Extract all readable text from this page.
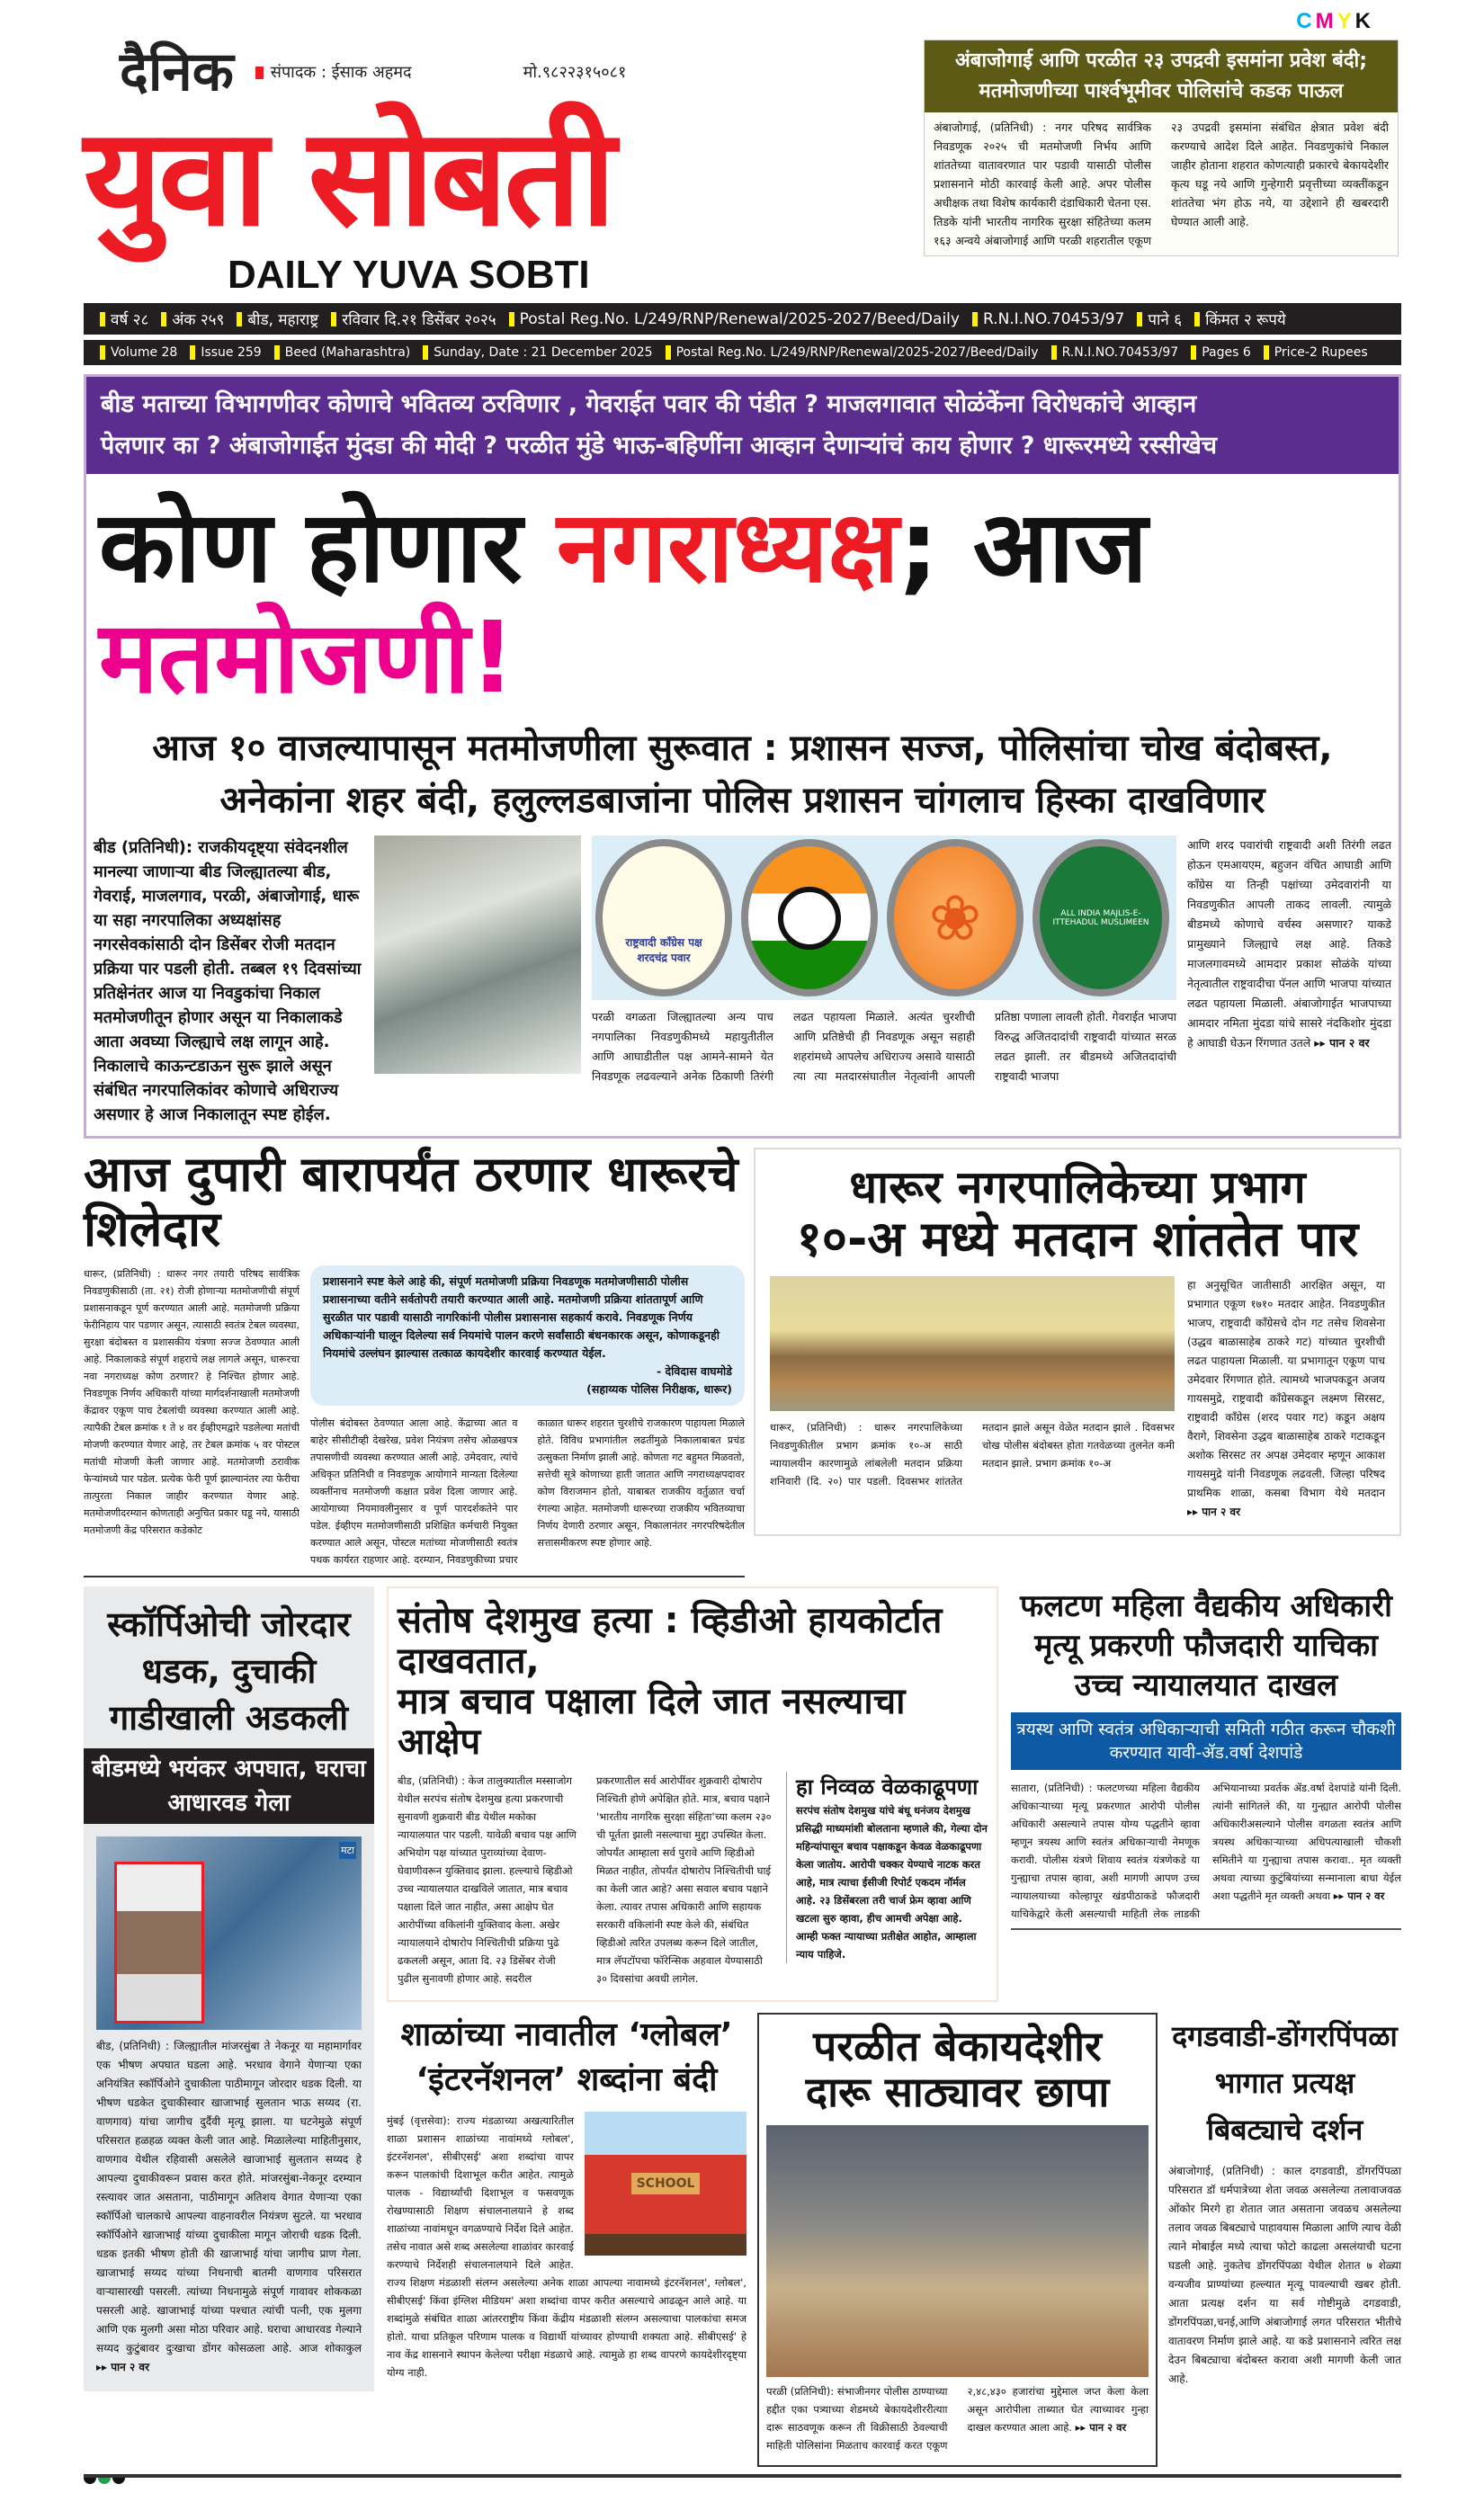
CMYK
दैनिक	संपादक : ईसाक अहमद	मो.९८२२३१५०८१
युवा सोबती
DAILY YUVA SOBTI
अंबाजोगाई आणि परळीत २३ उपद्रवी इसमांना प्रवेश बंदी; मतमोजणीच्या पार्श्वभूमीवर पोलिसांचे कडक पाऊल
अंबाजोगाई, (प्रतिनिधी) : नगर परिषद सार्वत्रिक निवडणूक २०२५ ची मतमोजणी निर्भय आणि शांततेच्या वातावरणात पार पडावी यासाठी पोलीस प्रशासनाने मोठी कारवाई केली आहे. अपर पोलीस अधीक्षक तथा विशेष कार्यकारी दंडाधिकारी चेतना एस. तिडके यांनी भारतीय नागरिक सुरक्षा संहितेच्या कलम १६३ अन्वये अंबाजोगाई आणि परळी शहरातील एकूण २३ उपद्रवी इसमांना संबंधित क्षेत्रात प्रवेश बंदी करण्याचे आदेश दिले आहेत. निवडणुकांचे निकाल जाहीर होताना शहरात कोणत्याही प्रकारचे बेकायदेशीर कृत्य घडू नये आणि गुन्हेगारी प्रवृत्तीच्या व्यक्तींकडून शांततेचा भंग होऊ नये, या उद्देशाने ही खबरदारी घेण्यात आली आहे.
वर्ष २८ अंक २५९ बीड, महाराष्ट्र रविवार दि.२१ डिसेंबर २०२५ Postal Reg.No. L/249/RNP/Renewal/2025-2027/Beed/Daily R.N.I.NO.70453/97 पाने ६ किंमत २ रूपये
Volume 28 Issue 259 Beed (Maharashtra) Sunday, Date : 21 December 2025 Postal Reg.No. L/249/RNP/Renewal/2025-2027/Beed/Daily R.N.I.NO.70453/97 Pages 6 Price-2 Rupees
बीड मताच्या विभागणीवर कोणाचे भवितव्य ठरविणार , गेवराईत पवार की पंडीत ? माजलगावात सोळंकेंना विरोधकांचे आव्हान
पेलणार का ? अंबाजोगाईत मुंदडा की मोदी ? परळीत मुंडे भाऊ-बहिणींना आव्हान देणाऱ्यांचं काय होणार ? धारूरमध्ये रस्सीखेच
कोण होणार नगराध्यक्ष; आज मतमोजणी!
आज १० वाजल्यापासून मतमोजणीला सुरूवात : प्रशासन सज्ज, पोलिसांचा चोख बंदोबस्त,
अनेकांना शहर बंदी, हलुल्लडबाजांना पोलिस प्रशासन चांगलाच हिस्का दाखविणार
बीड (प्रतिनिधी): राजकीयदृष्ट्या संवेदनशील मानल्या जाणाऱ्या बीड जिल्ह्यातल्या बीड, गेवराई, माजलगाव, परळी, अंबाजोगाई, धारू या सहा नगरपालिका अध्यक्षांसह नगरसेवकांसाठी दोन डिसेंबर रोजी मतदान प्रक्रिया पार पडली होती. तब्बल १९ दिवसांच्या प्रतिक्षेनंतर आज या निवडुकांचा निकाल मतमोजणीतून होणार असून या निकालाकडे आता अवघ्या जिल्ह्याचे लक्ष लागून आहे. निकालाचे काऊन्टडाऊन सुरू झाले असून संबंधित नगरपालिकांवर कोणाचे अधिराज्य असणार हे आज निकालातून स्पष्ट होईल.
राष्ट्रवादी काँग्रेस पक्ष शरदचंद्र पवार
❀	ALL INDIA MAJLIS-E-ITTEHADUL MUSLIMEEN
परळी वगळता जिल्ह्यातल्या अन्य पाच नगपालिका निवडणुकीमध्ये महायुतीतील आणि आघाडीतील पक्ष आमने-सामने येत निवडणूक लढवल्याने अनेक ठिकाणी तिरंगी लढत पहायला मिळाले. अत्यंत चुरशीची आणि प्रतिष्ठेची ही निवडणूक असून सहाही शहरांमध्ये आपलेच अधिराज्य असावे यासाठी त्या त्या मतदारसंघातील नेतृत्वांनी आपली प्रतिष्ठा पणाला लावली होती. गेवराईत भाजपा विरुद्ध अजितदादांची राष्ट्रवादी यांच्यात सरळ लढत झाली. तर बीडमध्ये अजितदादांची राष्ट्रवादी भाजपा
आणि शरद पवारांची राष्ट्रवादी अशी तिरंगी लढत होऊन एमआयएम, बहुजन वंचित आघाडी आणि काँग्रेस या तिन्ही पक्षांच्या उमेदवारांनी या निवडणुकीत आपली ताकद लावली. त्यामुळे बीडमध्ये कोणाचे वर्चस्व असणार? याकडे प्रामुख्याने जिल्ह्याचे लक्ष आहे. तिकडे माजलगावमध्ये आमदार प्रकाश सोळंके यांच्या नेतृत्वातील राष्ट्रवादीचा पॅनल आणि भाजपा यांच्यात लढत पहायला मिळाली. अंबाजोगाईत भाजपाच्या आमदार नमिता मुंदडा यांचे सासरे नंदकिशोर मुंदडा हे आघाडी घेऊन रिंगणात उतले ▸▸ पान २ वर
आज दुपारी बारापर्यंत ठरणार धारूरचे शिलेदार
धारूर, (प्रतिनिधी) : धारूर नगर तयारी परिषद सार्वत्रिक निवडणुकीसाठी (ता. २१) रोजी होणाऱ्या मतमोजणीची संपूर्ण प्रशासनाकडून पूर्ण करण्यात आली आहे. मतमोजणी प्रक्रिया फेरीनिहाय पार पडणार असून, त्यासाठी स्वतंत्र टेबल व्यवस्था, सुरक्षा बंदोबस्त व प्रशासकीय यंत्रणा सज्ज ठेवण्यात आली आहे. निकालाकडे संपूर्ण शहराचे लक्ष लागले असून, धारूरचा नवा नगराध्यक्ष कोण ठरणार? हे निश्चित होणार आहे. निवडणूक निर्णय अधिकारी यांच्या मार्गदर्शनाखाली मतमोजणी केंद्रावर एकूण पाच टेबलांची व्यवस्था करण्यात आली आहे. त्यापैकी टेबल क्रमांक १ ते ४ वर ईव्हीएमद्वारे पडलेल्या मतांची मोजणी करण्यात येणार आहे, तर टेबल क्रमांक ५ वर पोस्टल मतांची मोजणी केली जाणार आहे. मतमोजणी ठरावीक फेऱ्यांमध्ये पार पडेल. प्रत्येक फेरी पूर्ण झाल्यानंतर त्या फेरीचा तात्पुरता निकाल जाहीर करण्यात येणार आहे. मतमोजणीदरम्यान कोणताही अनुचित प्रकार घडू नये, यासाठी मतमोजणी केंद्र परिसरात कडेकोट
प्रशासनाने स्पष्ट केले आहे की, संपूर्ण मतमोजणी प्रक्रिया निवडणूक मतमोजणीसाठी पोलीस प्रशासनाच्या वतीने सर्वतोपरी तयारी करण्यात आली आहे. मतमोजणी प्रक्रिया शांततापूर्ण आणि सुरळीत पार पडावी यासाठी नागरिकांनी पोलीस प्रशासनास सहकार्य करावे. निवडणूक निर्णय अधिकाऱ्यांनी घालून दिलेल्या सर्व नियमांचे पालन करणे सर्वांसाठी बंधनकारक असून, कोणाकडूनही नियमांचे उल्लंघन झाल्यास तत्काळ कायदेशीर कारवाई करण्यात येईल.
- देविदास वाघमोडे
(सहाय्यक पोलिस निरीक्षक, धारूर)
पोलीस बंदोबस्त ठेवण्यात आला आहे. केंद्राच्या आत व बाहेर सीसीटीव्ही देखरेख, प्रवेश नियंत्रण तसेच ओळखपत्र तपासणीची व्यवस्था करण्यात आली आहे. उमेदवार, त्यांचे अधिकृत प्रतिनिधी व निवडणूक आयोगाने मान्यता दिलेल्या व्यक्तींनाच मतमोजणी कक्षात प्रवेश दिला जाणार आहे. आयोगाच्या नियमावलीनुसार व पूर्ण पारदर्शकतेने पार पडेल. ईव्हीएम मतमोजणीसाठी प्रशिक्षित कर्मचारी नियुक्त करण्यात आले असून, पोस्टल मतांच्या मोजणीसाठी स्वतंत्र पथक कार्यरत राहणार आहे. दरम्यान, निवडणुकीच्या प्रचार काळात धारूर शहरात चुरशीचे राजकारण पाहायला मिळाले होते. विविध प्रभागांतील लढतींमुळे निकालाबाबत प्रचंड उत्सुकता निर्माण झाली आहे. कोणता गट बहुमत मिळवतो, सत्तेची सूत्रे कोणाच्या हाती जातात आणि नगराध्यक्षपदावर कोण विराजमान होतो, याबाबत राजकीय वर्तुळात चर्चा रंगल्या आहेत. मतमोजणी धारूरच्या राजकीय भवितव्याचा निर्णय देणारी ठरणार असून, निकालानंतर नगरपरिषदेतील सत्तासमीकरण स्पष्ट होणार आहे.
धारूर नगरपालिकेच्या प्रभाग
१०-अ मध्ये मतदान शांततेत पार
धारूर, (प्रतिनिधी) : धारूर नगरपालिकेच्या निवडणुकीतील प्रभाग क्रमांक १०-अ साठी न्यायालयीन कारणामुळे लांबलेली मतदान प्रक्रिया शनिवारी (दि. २०) पार पडली. दिवसभर शांततेत मतदान झाले असून वेळेत मतदान झाले . दिवसभर चोख पोलीस बंदोबस्त होता गतवेळच्या तुलनेत कमी मतदान झाले. प्रभाग क्रमांक १०-अ
हा अनुसूचित जातीसाठी आरक्षित असून, या प्रभागात एकूण १७१० मतदार आहेत. निवडणुकीत भाजप, राष्ट्रवादी काँग्रेसचे दोन गट तसेच शिवसेना (उद्धव बाळासाहेब ठाकरे गट) यांच्यात चुरशीची लढत पाहायला मिळाली. या प्रभागातून एकूण पाच उमेदवार रिंगणात होते. त्यामध्ये भाजपकडून अजय गायसमुद्रे, राष्ट्रवादी काँग्रेसकडून लक्ष्मण सिरसट, राष्ट्रवादी काँग्रेस (शरद पवार गट) कडून अक्षय वैरागे, शिवसेना उद्धव बाळासाहेब ठाकरे गटाकडून अशोक सिरसट तर अपक्ष उमेदवार म्हणून आकाश गायसमुद्रे यांनी निवडणूक लढवली. जिल्हा परिषद प्राथमिक शाळा, कसबा विभाग येथे मतदान ▸▸ पान २ वर
स्कॉर्पिओची जोरदार धडक, दुचाकी गाडीखाली अडकली
बीडमध्ये भयंकर अपघात, घराचा आधारवड गेला
मटा
बीड, (प्रतिनिधी) : जिल्ह्यातील मांजरसुंबा ते नेकनूर या महामार्गावर एक भीषण अपघात घडला आहे. भरधाव वेगाने येणाऱ्या एका अनियंत्रित स्कॉर्पिओने दुचाकीला पाठीमागून जोरदार धडक दिली. या भीषण धडकेत दुचाकीस्वार खाजाभाई सुलतान भाऊ सय्यद (रा. वाणगाव) यांचा जागीच दुर्दैवी मृत्यू झाला. या घटनेमुळे संपूर्ण परिसरात हळहळ व्यक्त केली जात आहे. मिळालेल्या माहितीनुसार, वाणगाव येथील रहिवासी असलेले खाजाभाई सुलतान सय्यद हे आपल्या दुचाकीवरून प्रवास करत होते. मांजरसुंबा-नेकनूर दरम्यान रस्त्यावर जात असताना, पाठीमागून अतिशय वेगात येणाऱ्या एका स्कॉर्पिओ चालकाचे आपल्या वाहनावरील नियंत्रण सुटले. या भरधाव स्कॉर्पिओने खाजाभाई यांच्या दुचाकीला मागून जोराची धडक दिली. धडक इतकी भीषण होती की खाजाभाई यांचा जागीच प्राण गेला. खाजाभाई सय्यद यांच्या निधनाची बातमी वाणगाव परिसरात वाऱ्यासारखी पसरली. त्यांच्या निधनामुळे संपूर्ण गावावर शोककळा पसरली आहे. खाजाभाई यांच्या पश्चात त्यांची पत्नी, एक मुलगा आणि एक मुलगी असा मोठा परिवार आहे. घराचा आधारवड गेल्याने सय्यद कुटुंबावर दुःखाचा डोंगर कोसळला आहे. आज शोकाकुल ▸▸ पान २ वर
संतोष देशमुख हत्या : व्हिडीओ हायकोर्टात दाखवतात,
मात्र बचाव पक्षाला दिले जात नसल्याचा आक्षेप
बीड, (प्रतिनिधी) : केज तालुक्यातील मस्साजोग येथील सरपंच संतोष देशमुख हत्या प्रकरणाची सुनावणी शुक्रवारी बीड येथील मकोका न्यायालयात पार पडली. यावेळी बचाव पक्ष आणि अभियोग पक्ष यांच्यात पुराव्यांच्या देवाण-घेवाणीवरून युक्तिवाद झाला. हल्ल्याचे व्हिडीओ उच्च न्यायालयात दाखविले जातात, मात्र बचाव पक्षाला दिले जात नाहीत, असा आक्षेप घेत आरोपींच्या वकिलांनी युक्तिवाद केला. अखेर न्यायालयाने दोषारोप निश्चितीची प्रक्रिया पुढे ढकलली असून, आता दि. २३ डिसेंबर रोजी पुढील सुनावणी होणार आहे. सदरील प्रकरणातील सर्व आरोपींवर शुक्रवारी दोषारोप निश्चिती होणे अपेक्षित होते. मात्र, बचाव पक्षाने 'भारतीय नागरिक सुरक्षा संहिता'च्या कलम २३० ची पूर्तता झाली नसल्याचा मुद्दा उपस्थित केला. जोपर्यंत आम्हाला सर्व पुरावे आणि व्हिडीओ मिळत नाहीत, तोपर्यंत दोषारोप निश्चितीची घाई का केली जात आहे? असा सवाल बचाव पक्षाने केला. त्यावर तपास अधिकारी आणि सहायक सरकारी वकिलांनी स्पष्ट केले की, संबंधित व्हिडीओ त्वरित उपलब्ध करून दिले जातील, मात्र लॅपटॉपचा फॉरेन्सिक अहवाल येण्यासाठी ३० दिवसांचा अवधी लागेल.
हा निव्वळ वेळकाढूपणा
सरपंच संतोष देशमुख यांचे बंधू धनंजय देशमुख प्रसिद्धी माध्यमांशी बोलताना म्हणाले की, गेल्या दोन महिन्यांपासून बचाव पक्षाकडून केवळ वेळकाढूपणा केला जातोय. आरोपी चक्कर येण्याचे नाटक करत आहे, मात्र त्याचा ईसीजी रिपोर्ट एकदम नॉर्मल आहे. २३ डिसेंबरला तरी चार्ज फ्रेम व्हावा आणि खटला सुरु व्हावा, हीच आमची अपेक्षा आहे. आम्ही फक्त न्यायाच्या प्रतीक्षेत आहोत, आम्हाला न्याय पाहिजे.
फलटण महिला वैद्यकीय अधिकारी मृत्यू प्रकरणी फौजदारी याचिका उच्च न्यायालयात दाखल
त्रयस्थ आणि स्वतंत्र अधिकाऱ्याची समिती गठीत करून चौकशी करण्यात यावी-ॲड.वर्षा देशपांडे
सातारा, (प्रतिनिधी) : फलटणच्या महिला वैद्यकीय अधिकाऱ्याच्या मृत्यू प्रकरणात आरोपी पोलीस अधिकारी असल्याने तपास योग्य पद्धतीने व्हावा म्हणून त्रयस्थ आणि स्वतंत्र अधिकाऱ्याची नेमणूक करावी. पोलीस यंत्रणे शिवाय स्वतंत्र यंत्रणेकडे या गुन्ह्याचा तपास व्हावा, अशी मागणी आपण उच्च न्यायालयाच्या कोल्हापूर खंडपीठाकडे फौजदारी याचिकेद्वारे केली असल्याची माहिती लेक लाडकी अभियानाच्या प्रवर्तक ॲड.वर्षा देशपांडे यांनी दिली. त्यांनी सांगितले की, या गुन्ह्यात आरोपी पोलीस अधिकारीअसल्याने पोलीस वगळता स्वतंत्र आणि त्रयस्थ अधिकाऱ्याच्या अधिपत्याखाली चौकशी समितीने या गुन्ह्याचा तपास करावा.. मृत व्यक्ती अथवा त्याच्या कुटुंबियांच्या सन्मानाला बाधा येईल अशा पद्धतीने मृत व्यक्ती अथवा ▸▸ पान २ वर
शाळांच्या नावातील ‘ग्लोबल’ ‘इंटरनॅशनल’ शब्दांना बंदी
SCHOOL
मुंबई (वृत्तसेवा): राज्य मंडळाच्या अखत्यारितील शाळा प्रशासन शाळांच्या नावांमध्ये ग्लोबल', इंटरनॅशनल', सीबीएसई' अशा शब्दांचा वापर करून पालकांची दिशाभूल करीत आहेत. त्यामुळे पालक - विद्यार्थ्यांची दिशाभूल व फसवणूक रोखण्यासाठी शिक्षण संचालनालयाने हे शब्द शाळांच्या नावांमधून वगळण्याचे निर्देश दिले आहेत. तसेच नावात असे शब्द असलेल्या शाळांवर कारवाई करण्याचे निर्देशही संचालनालयाने दिले आहेत. राज्य शिक्षण मंडळाशी संलग्न असलेल्या अनेक शाळा आपल्या नावामध्ये इंटरनॅशनल', ग्लोबल', सीबीएसई' किंवा इंग्लिश मीडियम' अशा शब्दांचा वापर करीत असल्याचे आढळून आले आहे. या शब्दांमुळे संबंधित शाळा आंतरराष्ट्रीय किंवा केंद्रीय मंडळाशी संलग्न असल्याचा पालकांचा समज होतो. याचा प्रतिकूल परिणाम पालक व विद्यार्थी यांच्यावर होण्याची शक्यता आहे. सीबीएसई' हे नाव केंद्र शासनाने स्थापन केलेल्या परीक्षा मंडळाचे आहे. त्यामुळे हा शब्द वापरणे कायदेशीरदृष्ट्या योग्य नाही.
परळीत बेकायदेशीर
दारू साठ्यावर छापा
परळी (प्रतिनिधी): संभाजीनगर पोलीस ठाण्याच्या हद्दीत एका पत्र्याच्या शेडमध्ये बेकायदेशीररीत्याा दारू साठवणूक करून ती विक्रीसाठी ठेवल्याची माहिती पोलिसांना मिळताच कारवाई करत एकूण २,४८,४३० हजारांचा मुद्देमाल जप्त केला केला असून आरोपीला ताब्यात घेत त्याच्यावर गुन्हा दाखल करण्यात आला आहे. ▸▸ पान २ वर
दगडवाडी-डोंगरपिंपळा भागात प्रत्यक्ष बिबट्याचे दर्शन
अंबाजोगाई, (प्रतिनिधी) : काल दगडवाडी, डोंगरपिंपळा परिसरात डॉ धर्मपात्रेच्या शेता जवळ असलेल्या तलावाजवळ ओंकोर मिरगे हा शेतात जात असताना जवळच असलेल्या तलाव जवळ बिबट्याचे पाहावयास मिळाला आणि त्याच वेळी त्याने मोबाईल मध्ये त्याचा फोटो काढला असलंयाची घटना घडली आहे. नुकतेच डोंगरपिंपळा येथील शेतात ७ शेळ्या वन्यजीव प्राण्यांच्या हल्ल्यात मृत्यू पावल्याची खबर होती. आता प्रत्यक्ष दर्शन या सर्व गोष्टीमुळे दगडवाडी, डोंगरपिंपळा,चनई,आणि अंबाजोगाई लगत परिसरात भीतीचे वातावरण निर्माण झाले आहे. या कडे प्रशासनाने त्वरित लक्ष देउन बिबट्याचा बंदोबस्त करावा अशी मागणी केली जात आहे.
